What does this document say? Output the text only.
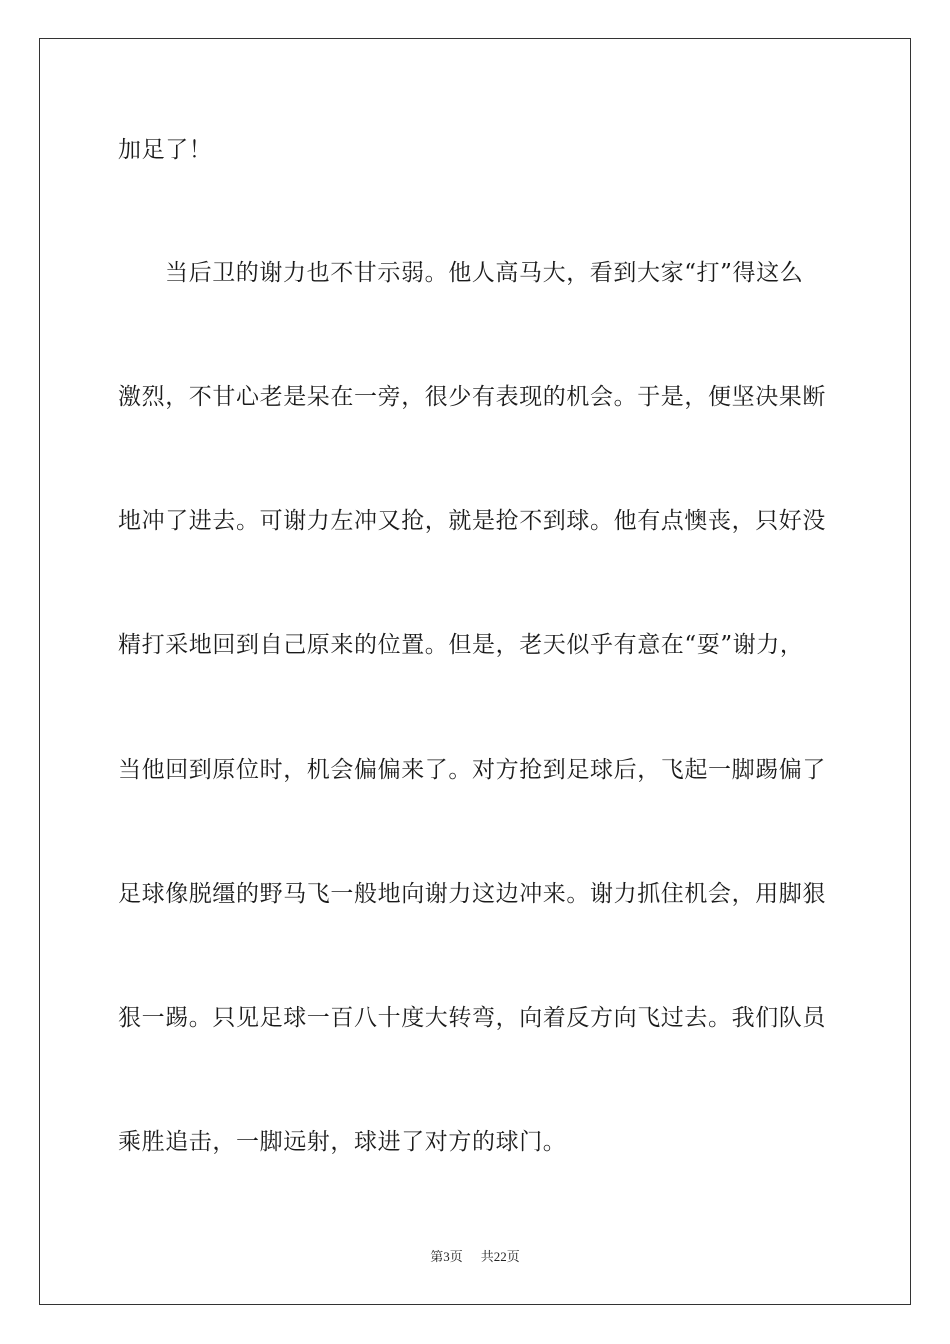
加足了！
当后卫的谢力也不甘示弱。他人高马大，看到大家“打”得这么
激烈，不甘心老是呆在一旁，很少有表现的机会。于是，便坚决果断
地冲了进去。可谢力左冲又抢，就是抢不到球。他有点懊丧，只好没
精打采地回到自己原来的位置。但是，老天似乎有意在“耍”谢力，
当他回到原位时，机会偏偏来了。对方抢到足球后，飞起一脚踢偏了
足球像脱缰的野马飞一般地向谢力这边冲来。谢力抓住机会，用脚狠
狠一踢。只见足球一百八十度大转弯，向着反方向飞过去。我们队员
乘胜追击，一脚远射，球进了对方的球门。
第3页 共22页
